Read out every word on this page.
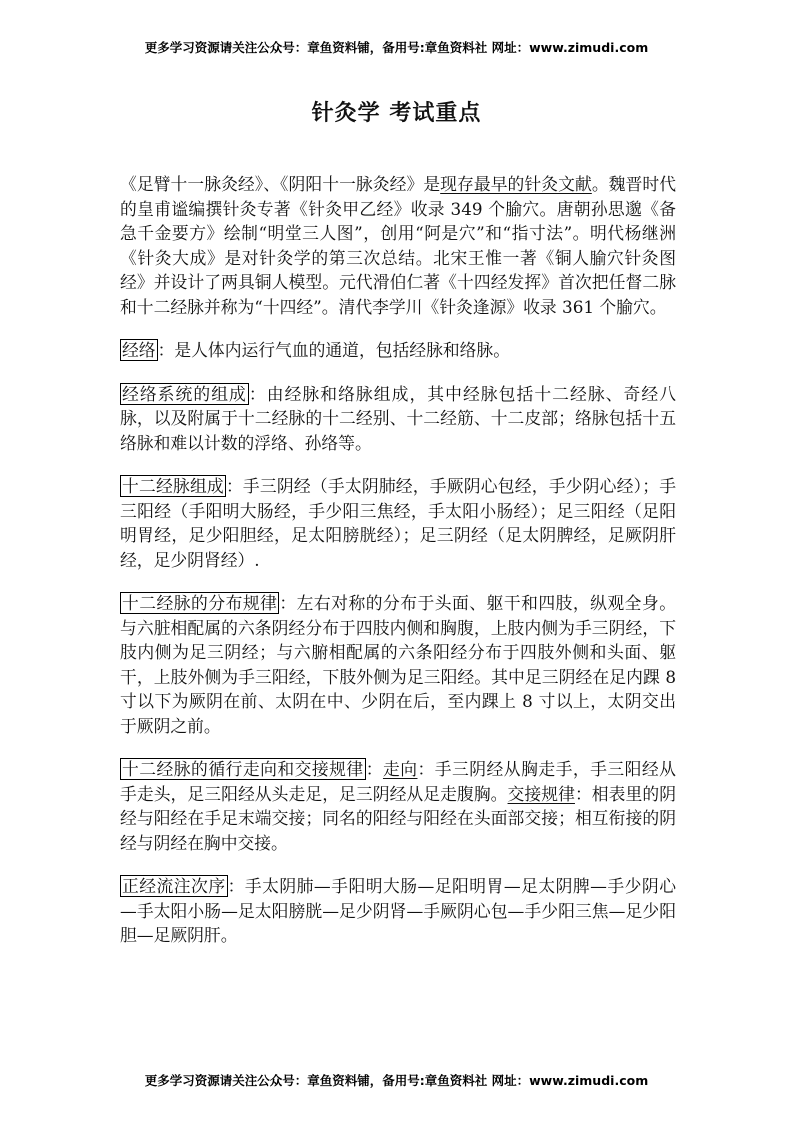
更多学习资源请关注公众号：章鱼资料铺，备用号:章鱼资料社 网址：www.zimudi.com
针灸学 考试重点

《足臂十一脉灸经》、《阴阳十一脉灸经》是现存最早的针灸文献。魏晋时代的皇甫谧编撰针灸专著《针灸甲乙经》收录 349 个腧穴。唐朝孙思邈《备急千金要方》绘制“明堂三人图”，创用“阿是穴”和“指寸法”。明代杨继洲《针灸大成》是对针灸学的第三次总结。北宋王惟一著《铜人腧穴针灸图经》并设计了两具铜人模型。元代滑伯仁著《十四经发挥》首次把任督二脉和十二经脉并称为“十四经”。清代李学川《针灸逢源》收录 361 个腧穴。

经络 ：是人体内运行气血的通道，包括经脉和络脉。

经络系统的组成 ：由经脉和络脉组成，其中经脉包括十二经脉、奇经八脉，以及附属于十二经脉的十二经别、十二经筋、十二皮部；络脉包括十五络脉和难以计数的浮络、孙络等。

十二经脉组成 ：手三阴经（手太阴肺经，手厥阴心包经，手少阴心经）；手三阳经（手阳明大肠经，手少阳三焦经，手太阳小肠经）；足三阳经（足阳明胃经，足少阳胆经，足太阳膀胱经）；足三阴经（足太阴脾经，足厥阴肝经，足少阴肾经）.

十二经脉的分布规律 ：左右对称的分布于头面、躯干和四肢，纵观全身。与六脏相配属的六条阴经分布于四肢内侧和胸腹，上肢内侧为手三阴经，下肢内侧为足三阴经；与六腑相配属的六条阳经分布于四肢外侧和头面、躯干，上肢外侧为手三阳经，下肢外侧为足三阳经。其中足三阴经在足内踝 8 寸以下为厥阴在前、太阴在中、少阴在后，至内踝上 8 寸以上，太阴交出于厥阴之前。

十二经脉的循行走向和交接规律 ：走向：手三阴经从胸走手，手三阳经从手走头，足三阳经从头走足，足三阴经从足走腹胸。交接规律：相表里的阴经与阳经在手足末端交接；同名的阳经与阳经在头面部交接；相互衔接的阴经与阴经在胸中交接。

正经流注次序 ：手太阴肺—手阳明大肠—足阳明胃—足太阴脾—手少阴心—手太阳小肠—足太阳膀胱—足少阴肾—手厥阴心包—手少阳三焦—足少阳胆—足厥阴肝。

更多学习资源请关注公众号：章鱼资料铺，备用号:章鱼资料社 网址：www.zimudi.com
